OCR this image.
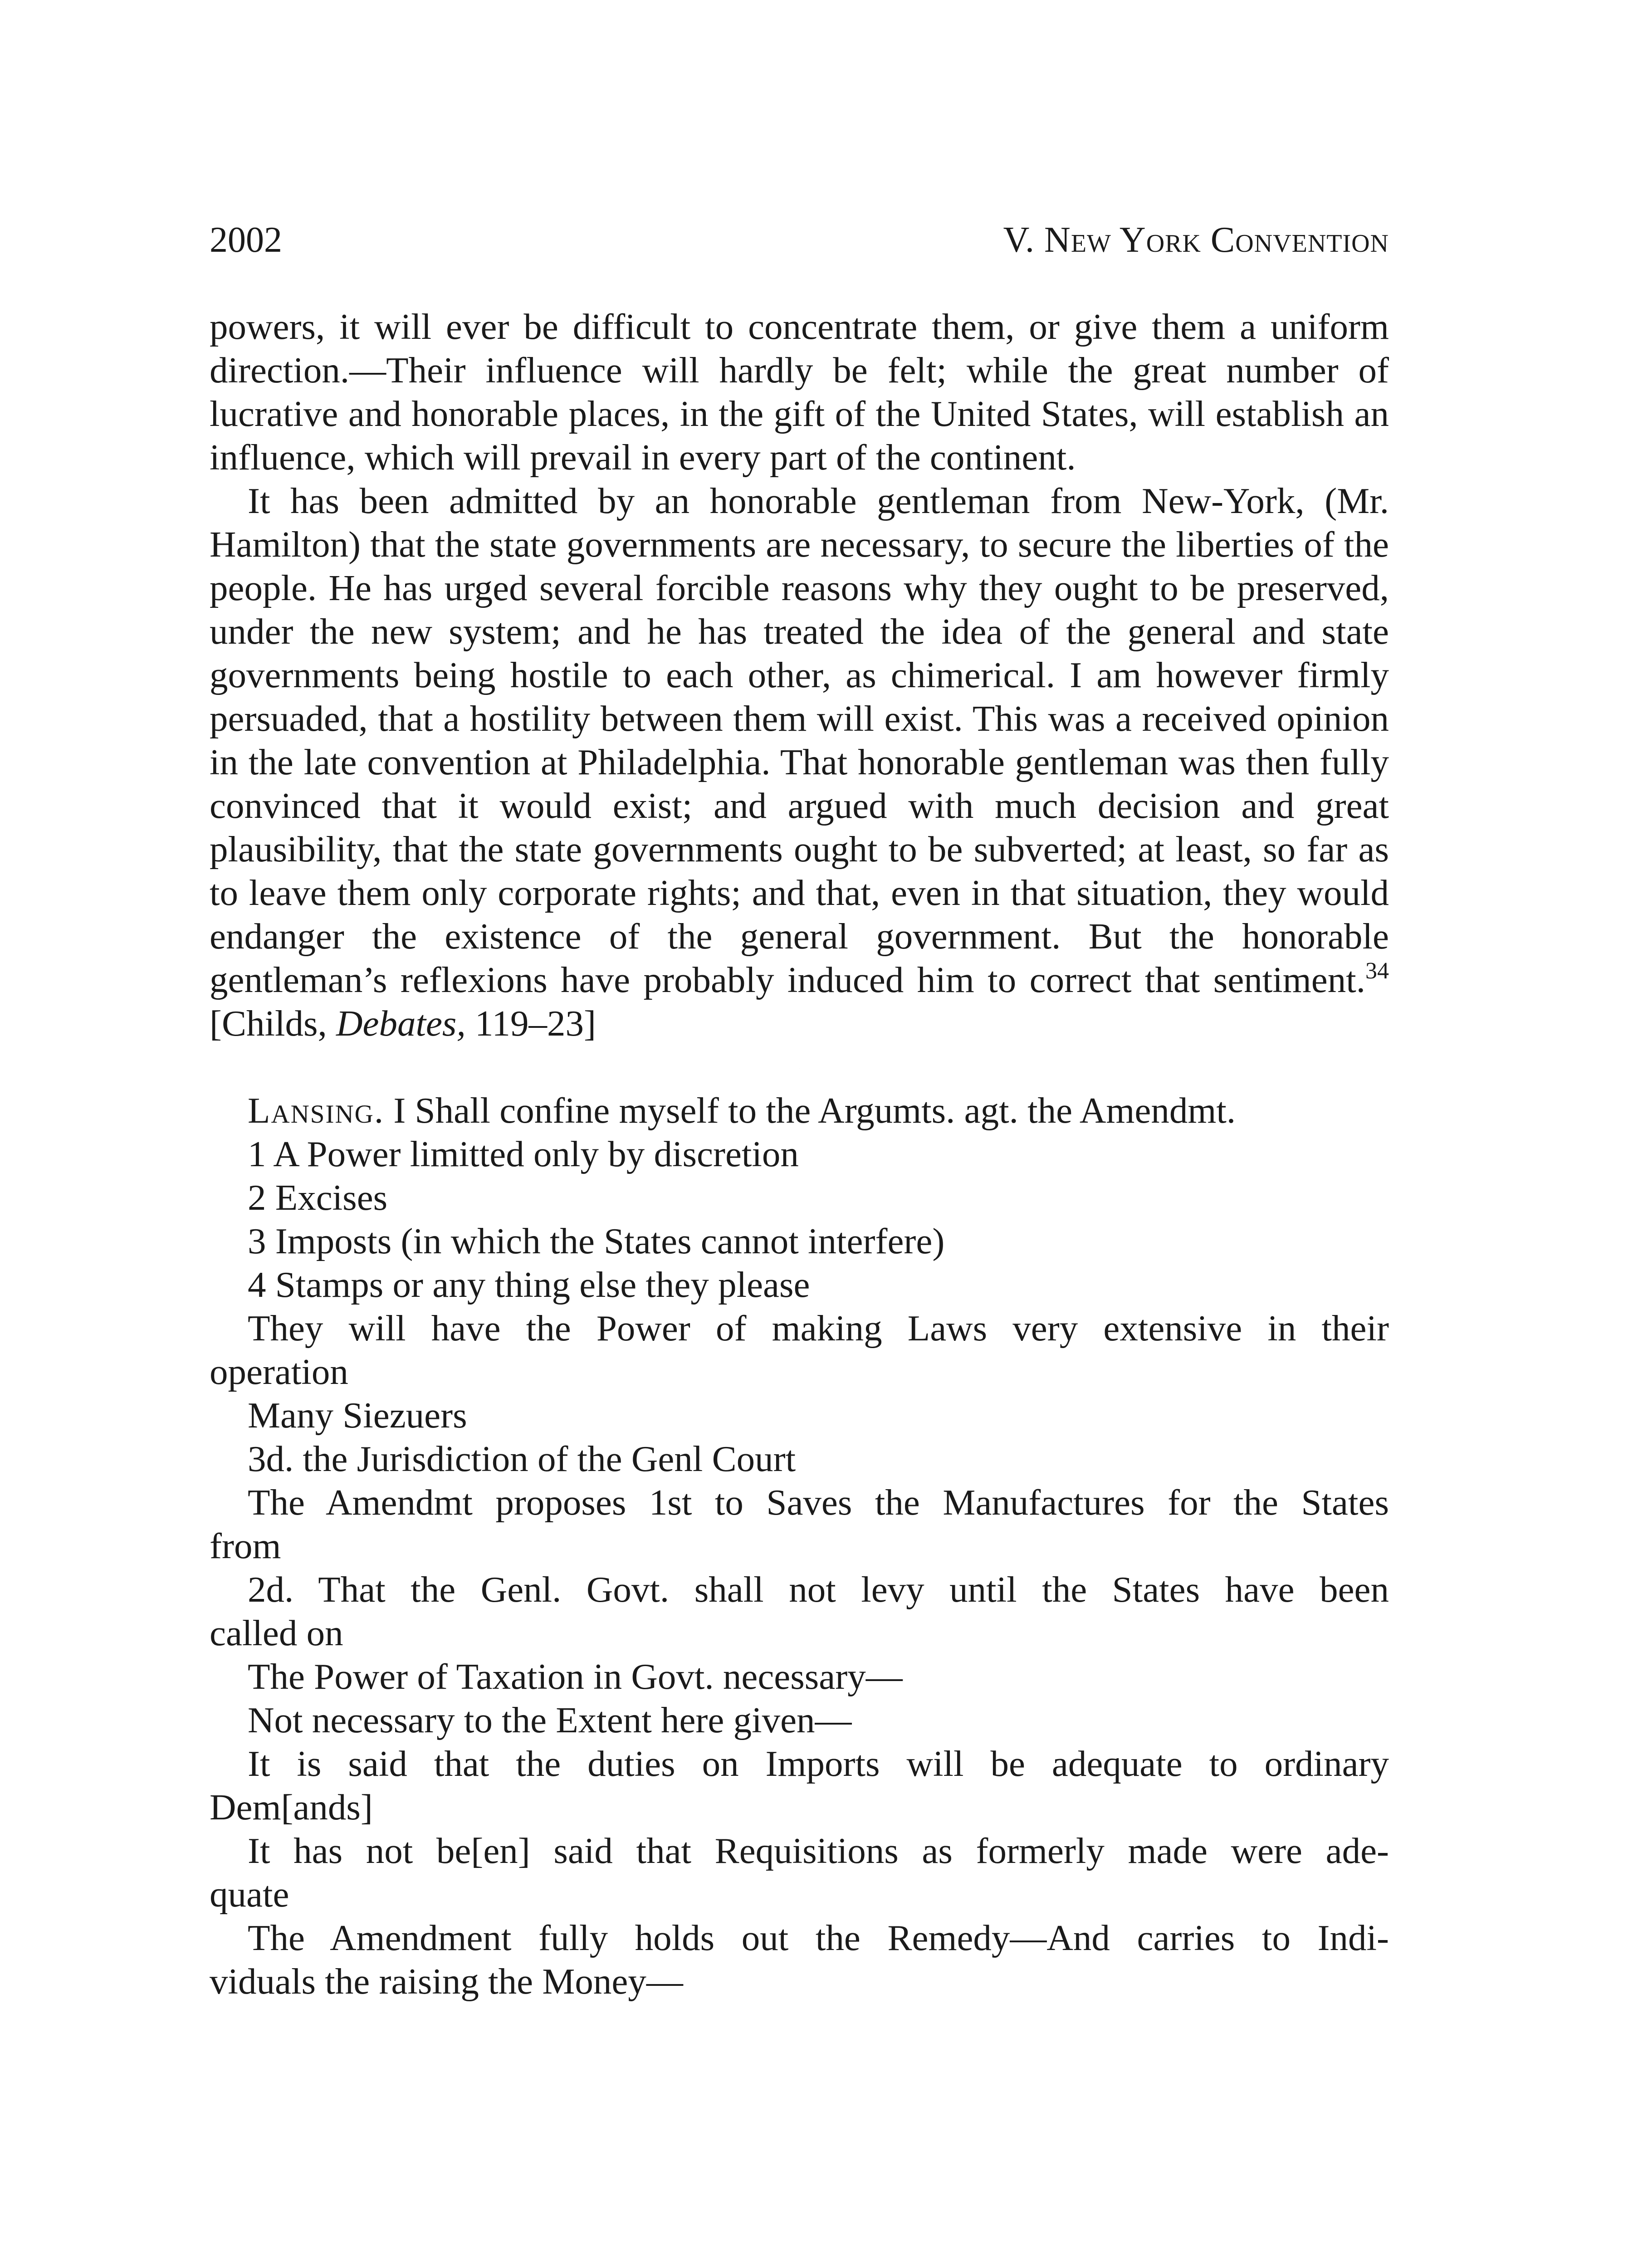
2002	V. New York Convention

powers, it will ever be difficult to concentrate them, or give them a uniform direction.—Their influence will hardly be felt; while the great number of lucrative and honorable places, in the gift of the United States, will establish an influence, which will prevail in every part of the continent.

It has been admitted by an honorable gentleman from New-York, (Mr. Hamilton) that the state governments are necessary, to secure the liberties of the people. He has urged several forcible reasons why they ought to be preserved, under the new system; and he has treated the idea of the general and state governments being hostile to each other, as chimerical. I am however firmly persuaded, that a hostility between them will exist. This was a received opinion in the late convention at Philadelphia. That honorable gentleman was then fully convinced that it would exist; and argued with much decision and great plausibility, that the state governments ought to be subverted; at least, so far as to leave them only corporate rights; and that, even in that situation, they would endanger the existence of the general government. But the honorable gentleman’s reflexions have probably induced him to correct that sentiment.$^{34}$ [Childs, Debates, 119–23]

Lansing. I Shall confine myself to the Argumts. agt. the Amendmt.

1 A Power limitted only by discretion

2 Excises

3 Imposts (in which the States cannot interfere)

4 Stamps or any thing else they please

They will have the Power of making Laws very extensive in their

operation

Many Siezuers

3d. the Jurisdiction of the Genl Court

The Amendmt proposes 1st to Saves the Manufactures for the States

from

2d. That the Genl. Govt. shall not levy until the States have been

called on

The Power of Taxation in Govt. necessary—

Not necessary to the Extent here given—

It is said that the duties on Imports will be adequate to ordinary

Dem[ands]

It has not be[en] said that Requisitions as formerly made were ade-

quate

The Amendment fully holds out the Remedy—And carries to Indi-

viduals the raising the Money—
